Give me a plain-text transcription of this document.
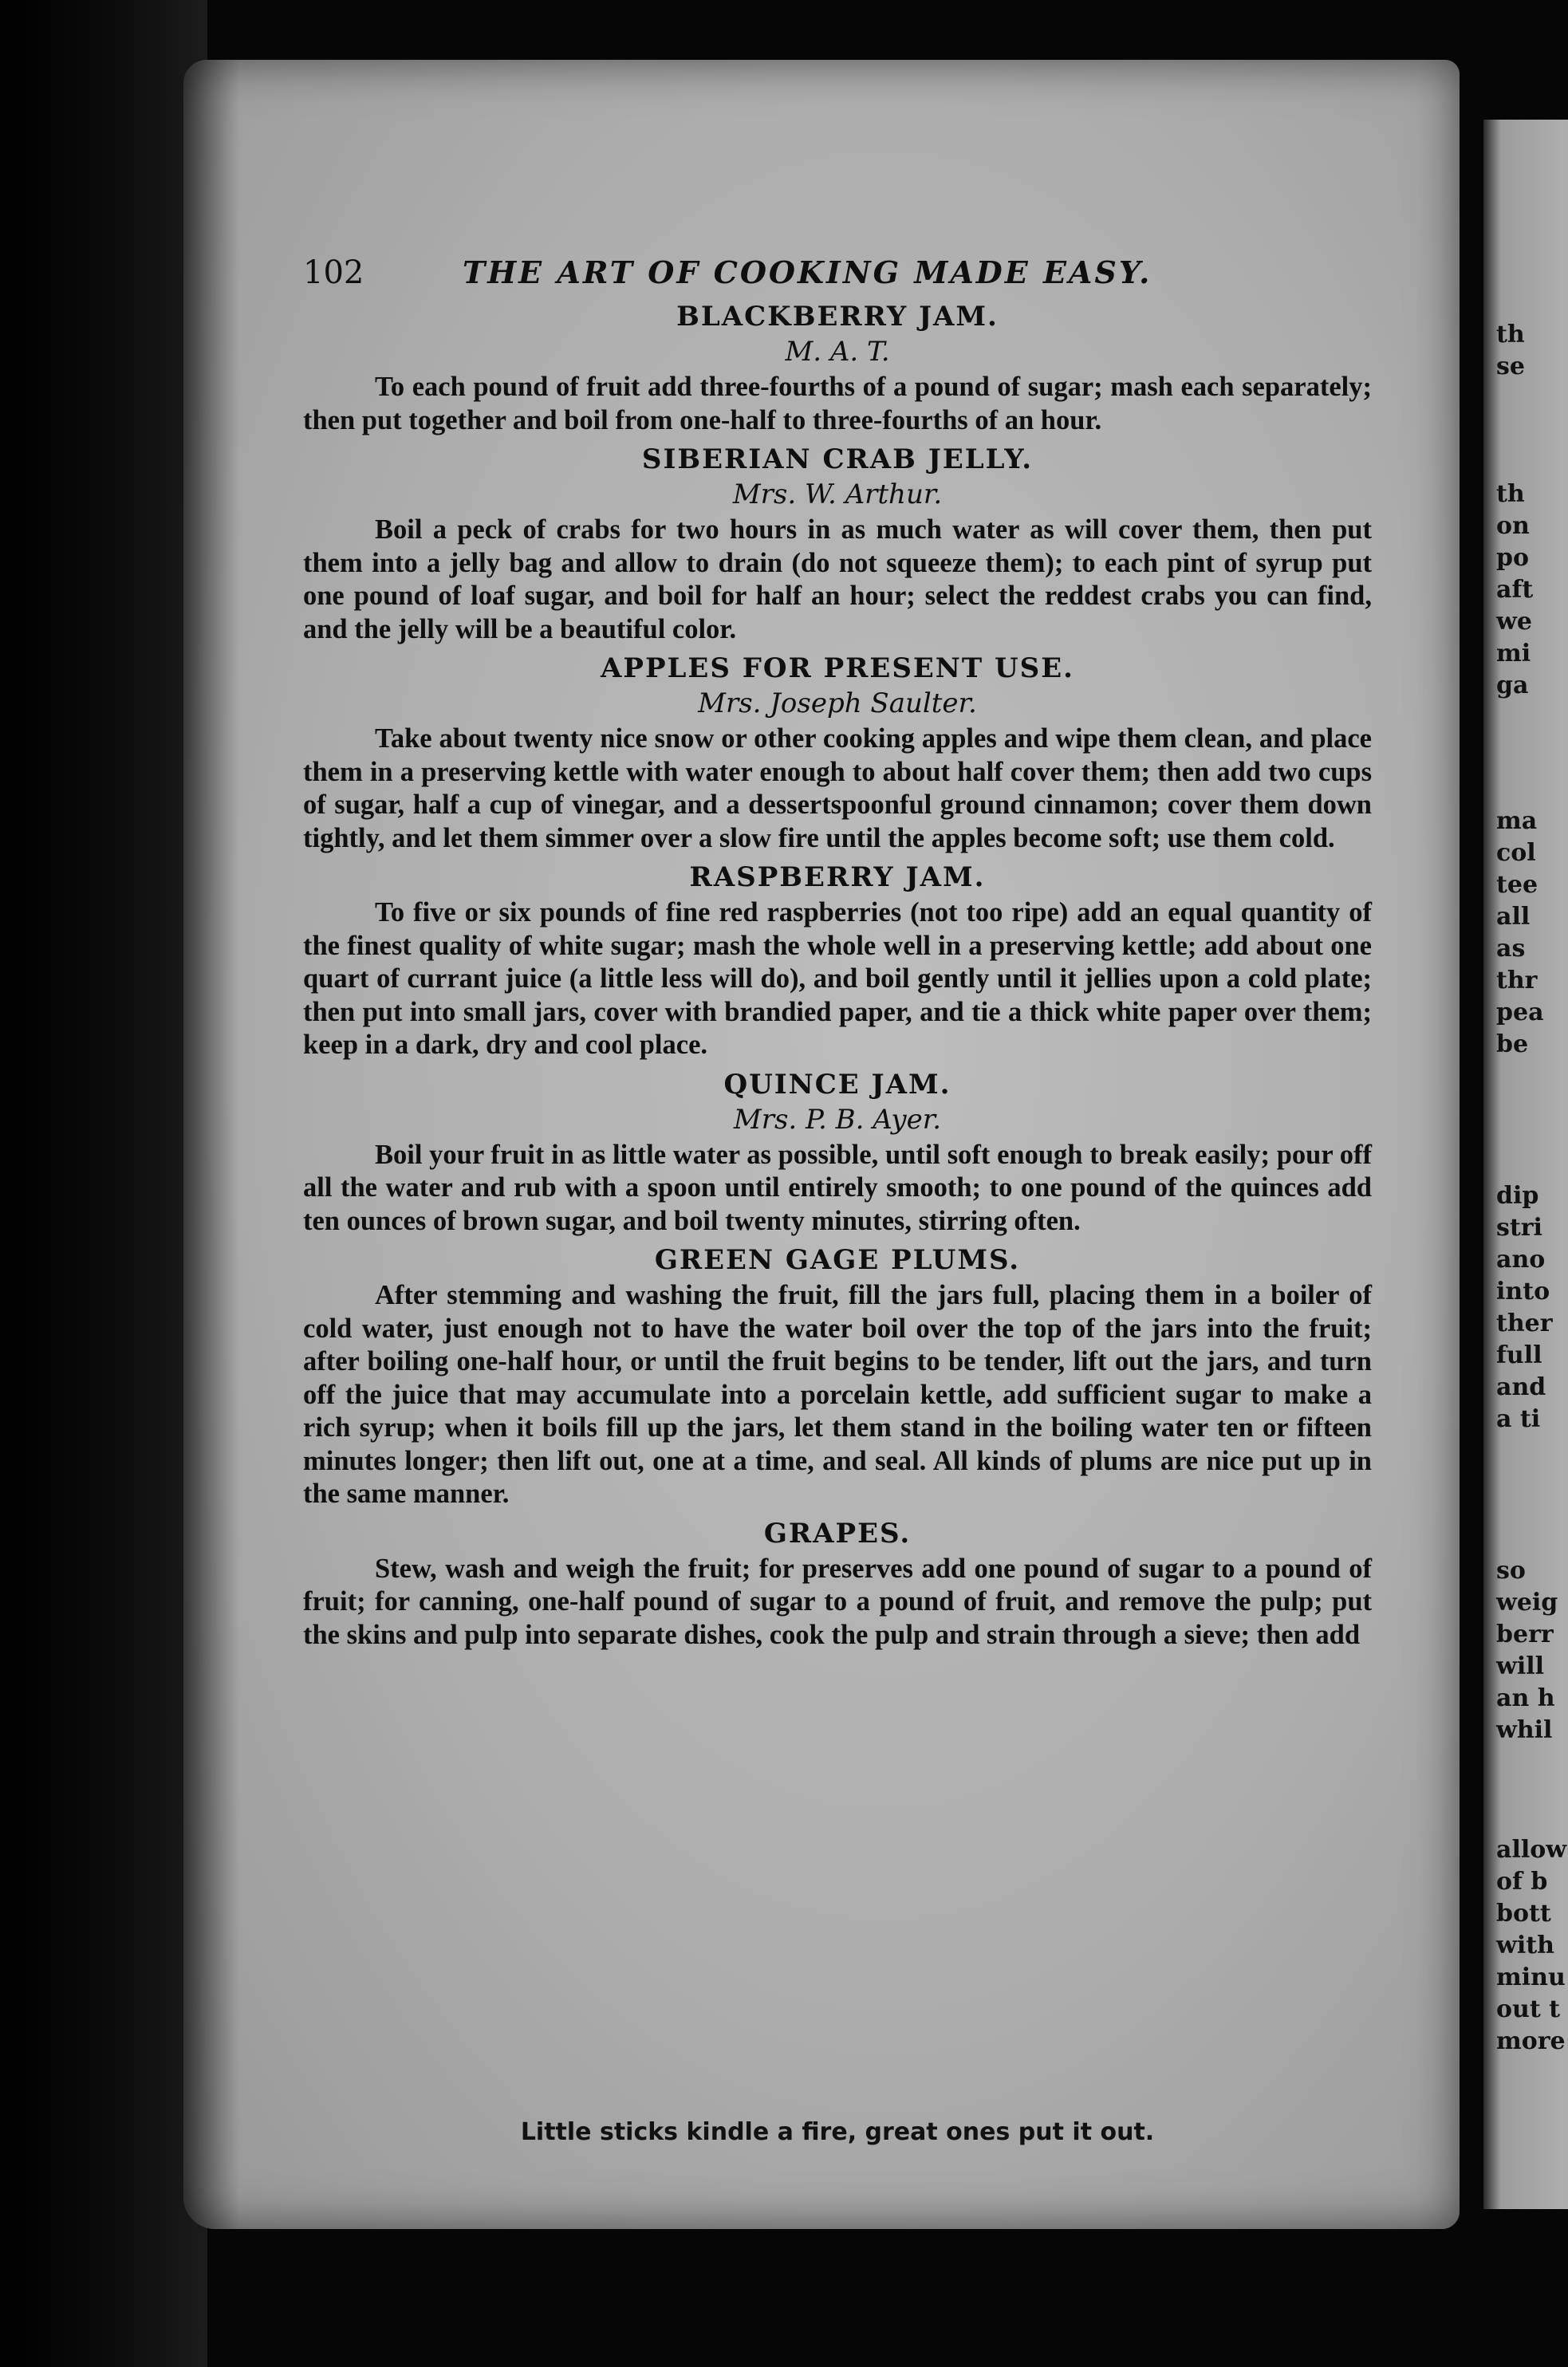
th
se
th
on
po
aft
we
mi
ga
ma
col
tee
all
as
thr
pea
be
dip
stri
ano
into
ther
full
and
a ti
so
weig
berr
will
an h
whil
allow
of b
bott
with
minu
out t
more
102	THE ART OF COOKING MADE EASY.
BLACKBERRY JAM.

M. A. T.

To each pound of fruit add three-fourths of a pound of sugar; mash each separately; then put together and boil from one-half to three-fourths of an hour.

SIBERIAN CRAB JELLY.

Mrs. W. Arthur.

Boil a peck of crabs for two hours in as much water as will cover them, then put them into a jelly bag and allow to drain (do not squeeze them); to each pint of syrup put one pound of loaf sugar, and boil for half an hour; select the reddest crabs you can find, and the jelly will be a beautiful color.

APPLES FOR PRESENT USE.

Mrs. Joseph Saulter.

Take about twenty nice snow or other cooking apples and wipe them clean, and place them in a preserving kettle with water enough to about half cover them; then add two cups of sugar, half a cup of vinegar, and a dessertspoonful ground cinnamon; cover them down tightly, and let them simmer over a slow fire until the apples become soft; use them cold.

RASPBERRY JAM.

To five or six pounds of fine red raspberries (not too ripe) add an equal quantity of the finest quality of white sugar; mash the whole well in a preserving kettle; add about one quart of currant juice (a little less will do), and boil gently until it jellies upon a cold plate; then put into small jars, cover with brandied paper, and tie a thick white paper over them; keep in a dark, dry and cool place.

QUINCE JAM.

Mrs. P. B. Ayer.

Boil your fruit in as little water as possible, until soft enough to break easily; pour off all the water and rub with a spoon until entirely smooth; to one pound of the quinces add ten ounces of brown sugar, and boil twenty minutes, stirring often.

GREEN GAGE PLUMS.

After stemming and washing the fruit, fill the jars full, placing them in a boiler of cold water, just enough not to have the water boil over the top of the jars into the fruit; after boiling one-half hour, or until the fruit begins to be tender, lift out the jars, and turn off the juice that may accumulate into a porcelain kettle, add sufficient sugar to make a rich syrup; when it boils fill up the jars, let them stand in the boiling water ten or fifteen minutes longer; then lift out, one at a time, and seal. All kinds of plums are nice put up in the same manner.

GRAPES.

Stew, wash and weigh the fruit; for preserves add one pound of sugar to a pound of fruit; for canning, one-half pound of sugar to a pound of fruit, and remove the pulp; put the skins and pulp into separate dishes, cook the pulp and strain through a sieve; then add

Little sticks kindle a fire, great ones put it out.
